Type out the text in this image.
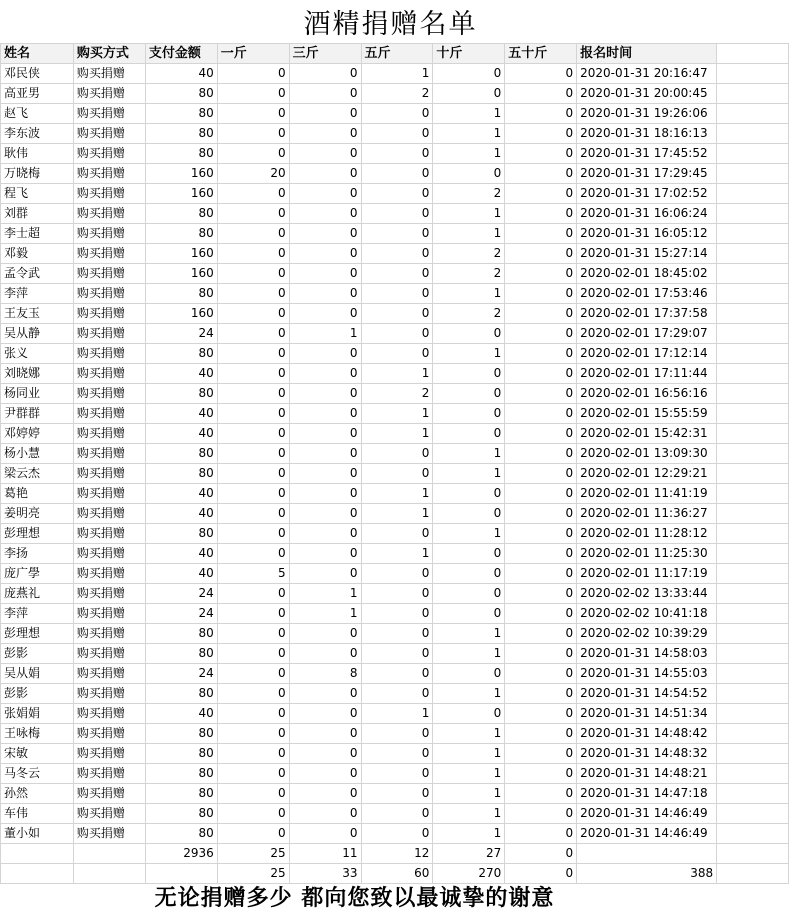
酒精捐赠名单
姓名	购买方式	支付金额	一斤	三斤	五斤	十斤	五十斤	报名时间	
邓民侠	购买捐赠	40	0	0	1	0	0	2020-01-31 20:16:47	
高亚男	购买捐赠	80	0	0	2	0	0	2020-01-31 20:00:45	
赵飞	购买捐赠	80	0	0	0	1	0	2020-01-31 19:26:06	
李东波	购买捐赠	80	0	0	0	1	0	2020-01-31 18:16:13	
耿伟	购买捐赠	80	0	0	0	1	0	2020-01-31 17:45:52	
万晓梅	购买捐赠	160	20	0	0	0	0	2020-01-31 17:29:45	
程飞	购买捐赠	160	0	0	0	2	0	2020-01-31 17:02:52	
刘群	购买捐赠	80	0	0	0	1	0	2020-01-31 16:06:24	
李士超	购买捐赠	80	0	0	0	1	0	2020-01-31 16:05:12	
邓毅	购买捐赠	160	0	0	0	2	0	2020-01-31 15:27:14	
孟令武	购买捐赠	160	0	0	0	2	0	2020-02-01 18:45:02	
李萍	购买捐赠	80	0	0	0	1	0	2020-02-01 17:53:46	
王友玉	购买捐赠	160	0	0	0	2	0	2020-02-01 17:37:58	
吴从静	购买捐赠	24	0	1	0	0	0	2020-02-01 17:29:07	
张义	购买捐赠	80	0	0	0	1	0	2020-02-01 17:12:14	
刘晓娜	购买捐赠	40	0	0	1	0	0	2020-02-01 17:11:44	
杨同业	购买捐赠	80	0	0	2	0	0	2020-02-01 16:56:16	
尹群群	购买捐赠	40	0	0	1	0	0	2020-02-01 15:55:59	
邓婷婷	购买捐赠	40	0	0	1	0	0	2020-02-01 15:42:31	
杨小慧	购买捐赠	80	0	0	0	1	0	2020-02-01 13:09:30	
梁云杰	购买捐赠	80	0	0	0	1	0	2020-02-01 12:29:21	
葛艳	购买捐赠	40	0	0	1	0	0	2020-02-01 11:41:19	
姜明亮	购买捐赠	40	0	0	1	0	0	2020-02-01 11:36:27	
彭理想	购买捐赠	80	0	0	0	1	0	2020-02-01 11:28:12	
李扬	购买捐赠	40	0	0	1	0	0	2020-02-01 11:25:30	
庞广學	购买捐赠	40	5	0	0	0	0	2020-02-01 11:17:19	
庞燕礼	购买捐赠	24	0	1	0	0	0	2020-02-02 13:33:44	
李萍	购买捐赠	24	0	1	0	0	0	2020-02-02 10:41:18	
彭理想	购买捐赠	80	0	0	0	1	0	2020-02-02 10:39:29	
彭影	购买捐赠	80	0	0	0	1	0	2020-01-31 14:58:03	
吴从娟	购买捐赠	24	0	8	0	0	0	2020-01-31 14:55:03	
彭影	购买捐赠	80	0	0	0	1	0	2020-01-31 14:54:52	
张娟娟	购买捐赠	40	0	0	1	0	0	2020-01-31 14:51:34	
王咏梅	购买捐赠	80	0	0	0	1	0	2020-01-31 14:48:42	
宋敏	购买捐赠	80	0	0	0	1	0	2020-01-31 14:48:32	
马冬云	购买捐赠	80	0	0	0	1	0	2020-01-31 14:48:21	
孙然	购买捐赠	80	0	0	0	1	0	2020-01-31 14:47:18	
车伟	购买捐赠	80	0	0	0	1	0	2020-01-31 14:46:49	
董小如	购买捐赠	80	0	0	0	1	0	2020-01-31 14:46:49	
		2936	25	11	12	27	0		
			25	33	60	270	0	388	
无论捐赠多少 都向您致以最诚挚的谢意
